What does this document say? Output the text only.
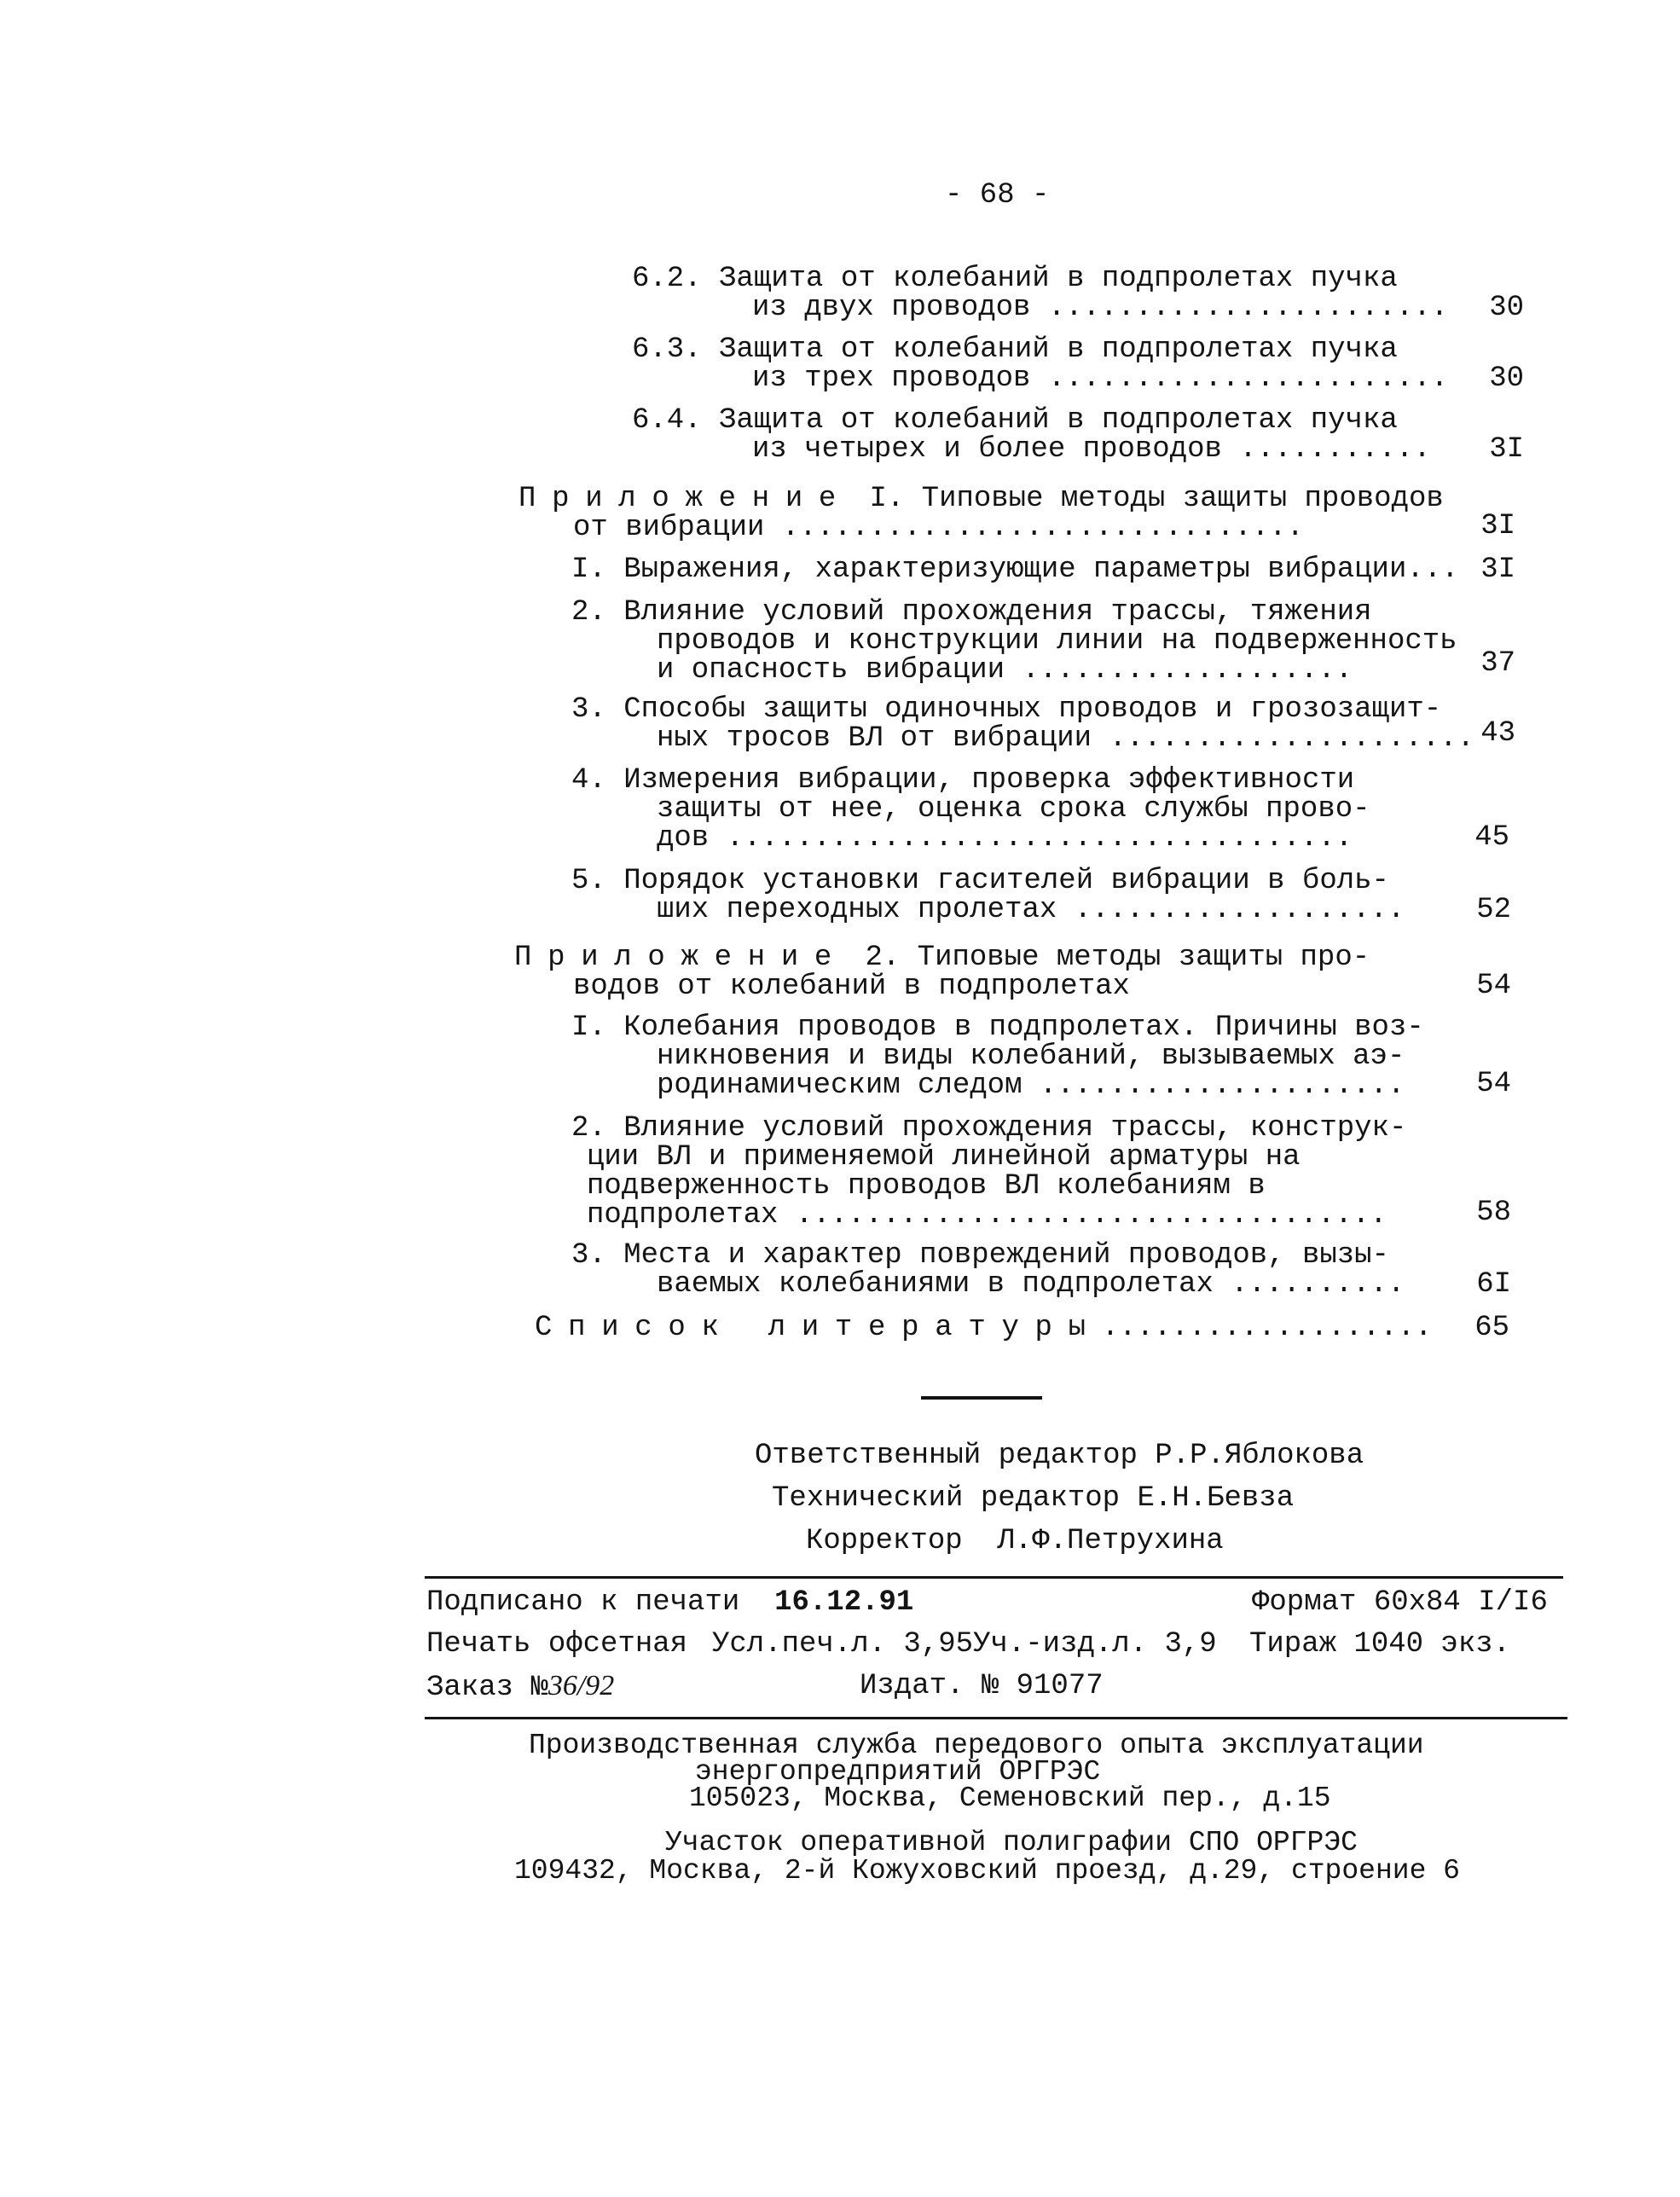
- 68 -
6.2. Защита от колебаний в подпролетах пучка
из двух проводов .......................	30
6.3. Защита от колебаний в подпролетах пучка
из трех проводов .......................	30
6.4. Защита от колебаний в подпролетах пучка
из четырех и более проводов ...........	3I
Приложение I. Типовые методы защиты проводов
от вибрации ..............................	3I
I. Выражения, характеризующие параметры вибрации... 3I
2. Влияние условий прохождения трассы, тяжения
проводов и конструкции линии на подверженность
и опасность вибрации ...................	37
3. Способы защиты одиночных проводов и грозозащит-
ных тросов ВЛ от вибрации ..................... 43
4. Измерения вибрации, проверка эффективности
защиты от нее, оценка срока службы прово-
дов ....................................	45
5. Порядок установки гасителей вибрации в боль-
ших переходных пролетах ...................	52
Приложение 2. Типовые методы защиты про-
водов от колебаний в подпролетах	54
I. Колебания проводов в подпролетах. Причины воз-
никновения и виды колебаний, вызываемых аэ-
родинамическим следом .....................	54
2. Влияние условий прохождения трассы, конструк-
ции ВЛ и применяемой линейной арматуры на
подверженность проводов ВЛ колебаниям в
подпролетах ..................................	58
3. Места и характер повреждений проводов, вызы-
ваемых колебаниями в подпролетах ..........	6I
Список литературы...................	65
Ответственный редактор Р.Р.Яблокова
Технический редактор Е.Н.Бевза
Корректор  Л.Ф.Петрухина
Подписано к печати 16.12.91	Формат 60x84 I/I6
Печать офсетная Усл.печ.л. 3,95Уч.-изд.л. 3,9 Тираж 1040 экз.
Заказ №36/92	Издат. № 91077
Производственная служба передового опыта эксплуатации
энергопредприятий ОРГРЭС
105023, Москва, Семеновский пер., д.15
Участок оперативной полиграфии СПО ОРГРЭС
109432, Москва, 2-й Кожуховский проезд, д.29, строение 6
